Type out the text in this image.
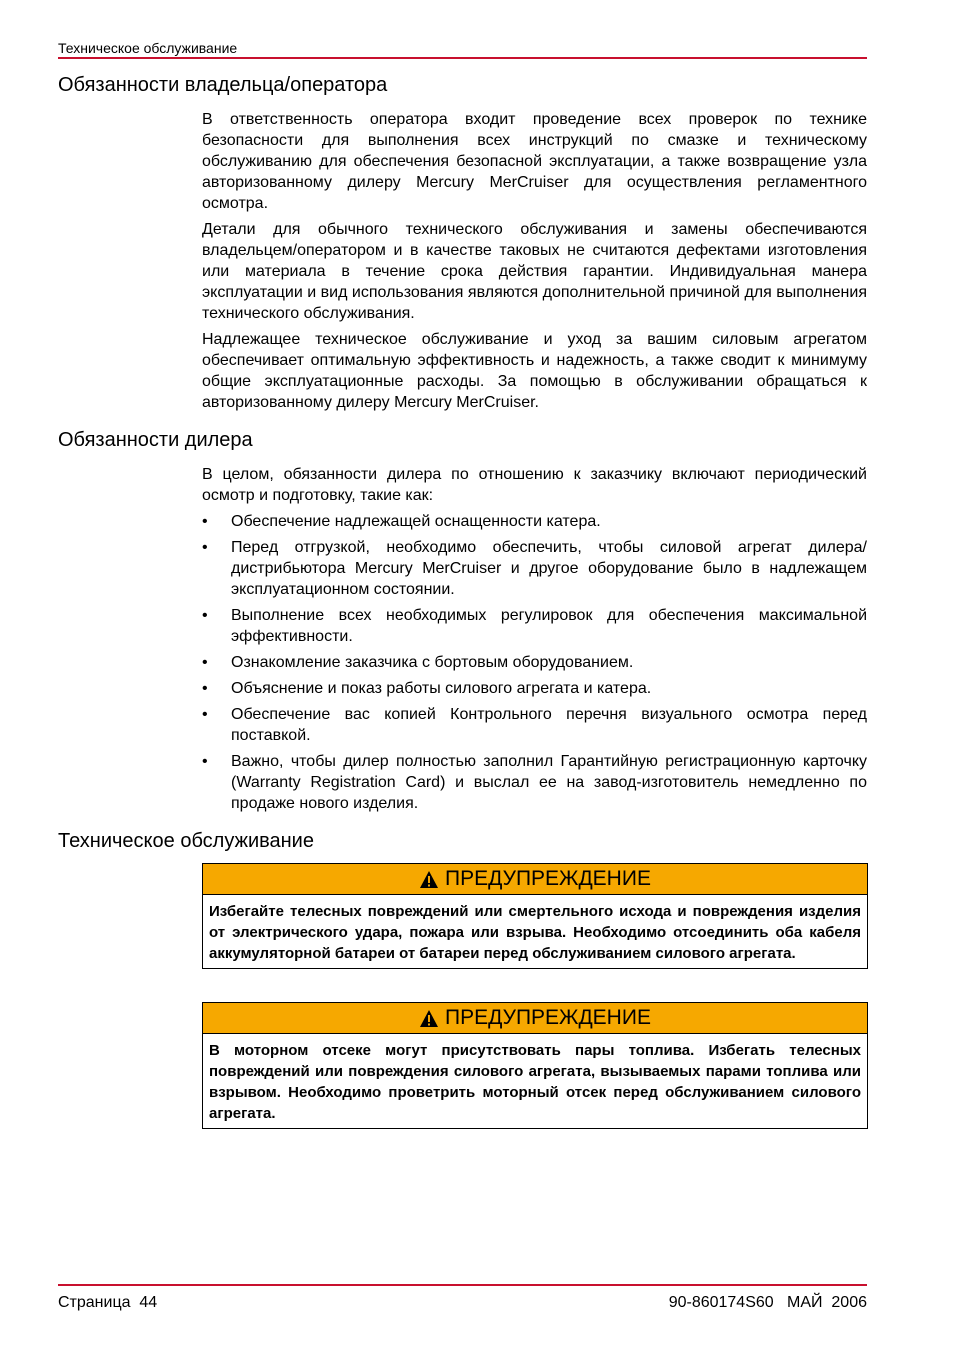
Техническое обслуживание
Обязанности владельца/оператора

В ответственность оператора входит проведение всех проверок по технике безопасности для выполнения всех инструкций по смазке и техническому обслуживанию для обеспечения безопасной эксплуатации, а также возвращение узла авторизованному дилеру Mercury MerCruiser для осуществления регламентного осмотра.

Детали для обычного технического обслуживания и замены обеспечиваются владельцем/оператором и в качестве таковых не считаются дефектами изготовления или материала в течение срока действия гарантии. Индивидуальная манера эксплуатации и вид использования являются дополнительной причиной для выполнения технического обслуживания.

Надлежащее техническое обслуживание и уход за вашим силовым агрегатом обеспечивает оптимальную эффективность и надежность, а также сводит к минимуму общие эксплуатационные расходы. За помощью в обслуживании обращаться к авторизованному дилеру Mercury MerCruiser.

Обязанности дилера

В целом, обязанности дилера по отношению к заказчику включают периодический осмотр и подготовку, такие как:

• Обеспечение надлежащей оснащенности катера.
• Перед отгрузкой, необходимо обеспечить, чтобы силовой агрегат дилера/ дистрибьютора Mercury MerCruiser и другое оборудование было в надлежащем эксплуатационном состоянии.
• Выполнение всех необходимых регулировок для обеспечения максимальной эффективности.
• Ознакомление заказчика с бортовым оборудованием.
• Объяснение и показ работы силового агрегата и катера.
• Обеспечение вас копией Контрольного перечня визуального осмотра перед поставкой.
• Важно, чтобы дилер полностью заполнил Гарантийную регистрационную карточку (Warranty Registration Card) и выслал ее на завод-изготовитель немедленно по продаже нового изделия.
Техническое обслуживание
ПРЕДУПРЕЖДЕНИЕ
Избегайте телесных повреждений или смертельного исхода и повреждения изделия от электрического удара, пожара или взрыва. Необходимо отсоединить оба кабеля аккумуляторной батареи от батареи перед обслуживанием силового агрегата.
ПРЕДУПРЕЖДЕНИЕ
В моторном отсеке могут присутствовать пары топлива. Избегать телесных повреждений или повреждения силового агрегата, вызываемых парами топлива или взрывом. Необходимо проветрить моторный отсек перед обслуживанием силового агрегата.
Страница  44	90-860174S60   МАЙ  2006
